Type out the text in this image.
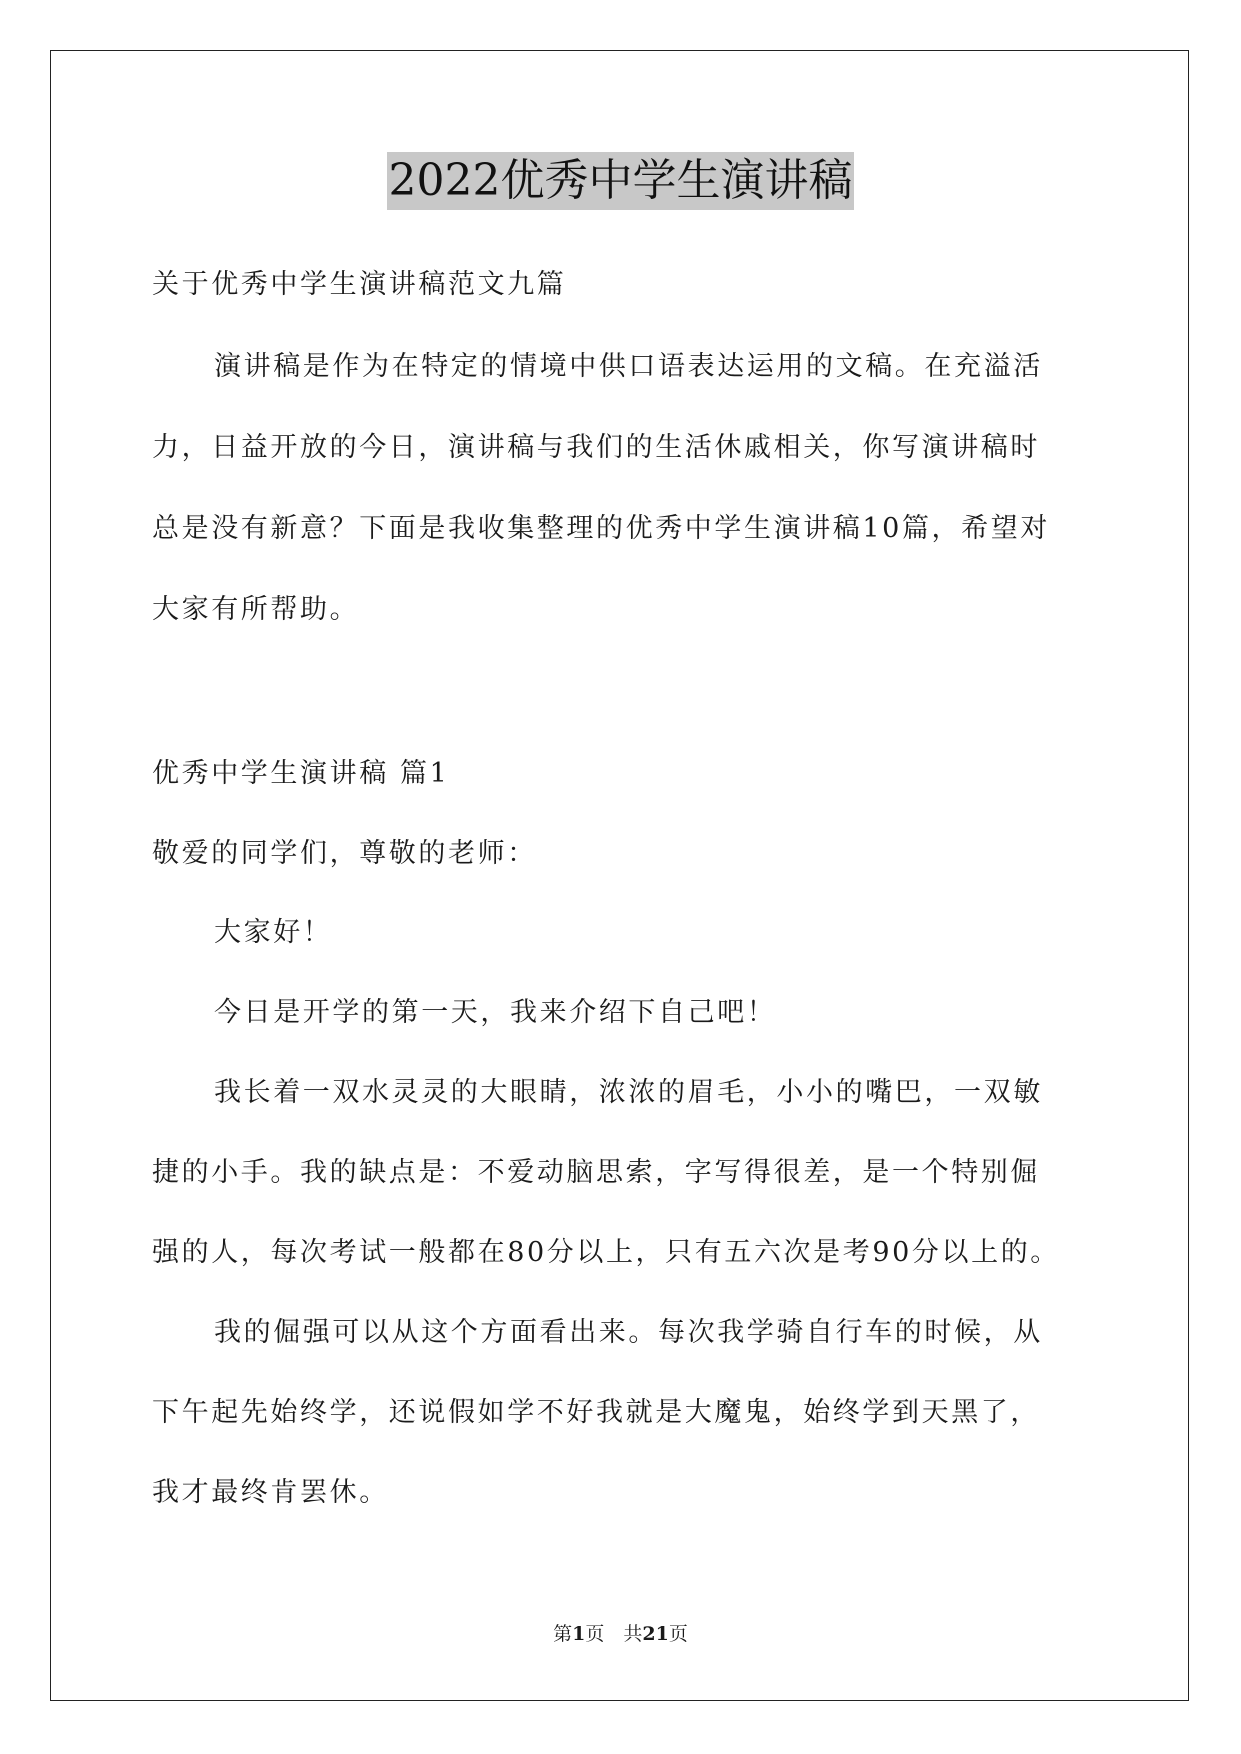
2022优秀中学生演讲稿
关于优秀中学生演讲稿范文九篇
演讲稿是作为在特定的情境中供口语表达运用的文稿。在充溢活
力，日益开放的今日，演讲稿与我们的生活休戚相关，你写演讲稿时
总是没有新意？下面是我收集整理的优秀中学生演讲稿10篇，希望对
大家有所帮助。
优秀中学生演讲稿 篇1
敬爱的同学们，尊敬的老师：
大家好！
今日是开学的第一天，我来介绍下自己吧！
我长着一双水灵灵的大眼睛，浓浓的眉毛，小小的嘴巴，一双敏
捷的小手。我的缺点是：不爱动脑思索，字写得很差，是一个特别倔
强的人，每次考试一般都在80分以上，只有五六次是考90分以上的。
我的倔强可以从这个方面看出来。每次我学骑自行车的时候，从
下午起先始终学，还说假如学不好我就是大魔鬼，始终学到天黑了，
我才最终肯罢休。
第1页　共21页
